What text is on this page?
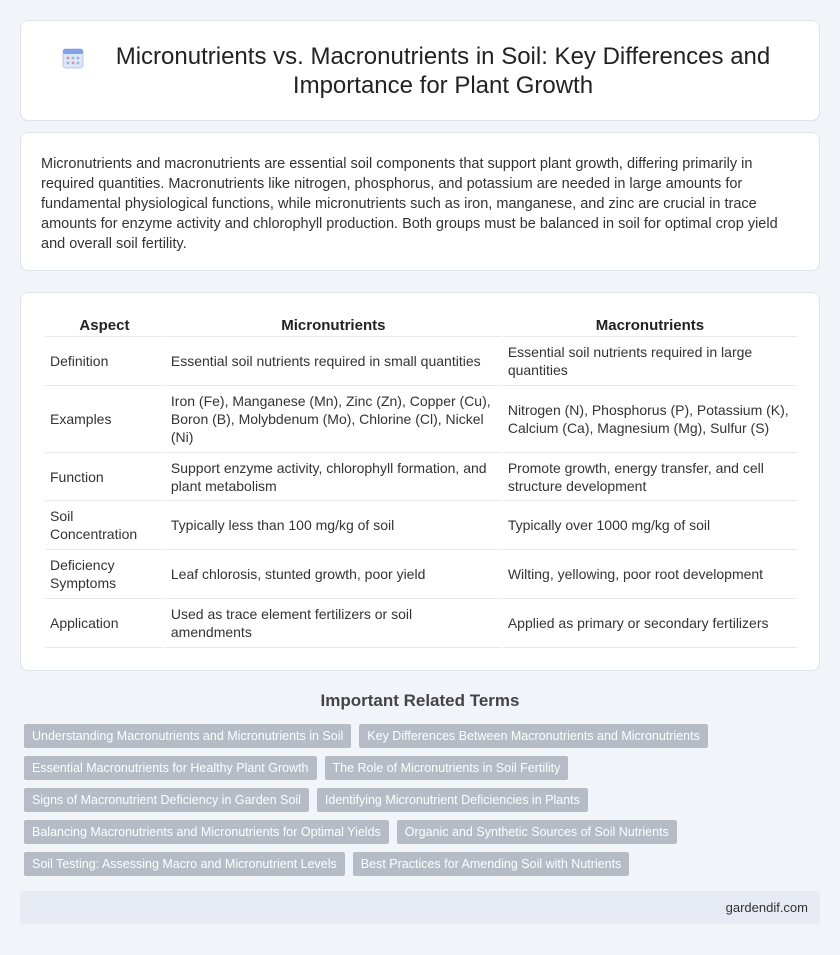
Micronutrients vs. Macronutrients in Soil: Key Differences and Importance for Plant Growth

Micronutrients and macronutrients are essential soil components that support plant growth, differing primarily in required quantities. Macronutrients like nitrogen, phosphorus, and potassium are needed in large amounts for fundamental physiological functions, while micronutrients such as iron, manganese, and zinc are crucial in trace amounts for enzyme activity and chlorophyll production. Both groups must be balanced in soil for optimal crop yield and overall soil fertility.

Aspect	Micronutrients	Macronutrients
Definition	Essential soil nutrients required in small quantities	Essential soil nutrients required in large quantities
Examples	Iron (Fe), Manganese (Mn), Zinc (Zn), Copper (Cu), Boron (B), Molybdenum (Mo), Chlorine (Cl), Nickel (Ni)	Nitrogen (N), Phosphorus (P), Potassium (K), Calcium (Ca), Magnesium (Mg), Sulfur (S)
Function	Support enzyme activity, chlorophyll formation, and plant metabolism	Promote growth, energy transfer, and cell structure development
Soil Concentration	Typically less than 100 mg/kg of soil	Typically over 1000 mg/kg of soil
Deficiency Symptoms	Leaf chlorosis, stunted growth, poor yield	Wilting, yellowing, poor root development
Application	Used as trace element fertilizers or soil amendments	Applied as primary or secondary fertilizers
Important Related Terms
Understanding Macronutrients and Micronutrients in Soil	Key Differences Between Macronutrients and Micronutrients
Essential Macronutrients for Healthy Plant Growth	The Role of Micronutrients in Soil Fertility
Signs of Macronutrient Deficiency in Garden Soil	Identifying Micronutrient Deficiencies in Plants
Balancing Macronutrients and Micronutrients for Optimal Yields	Organic and Synthetic Sources of Soil Nutrients
Soil Testing: Assessing Macro and Micronutrient Levels	Best Practices for Amending Soil with Nutrients
gardendif.com
